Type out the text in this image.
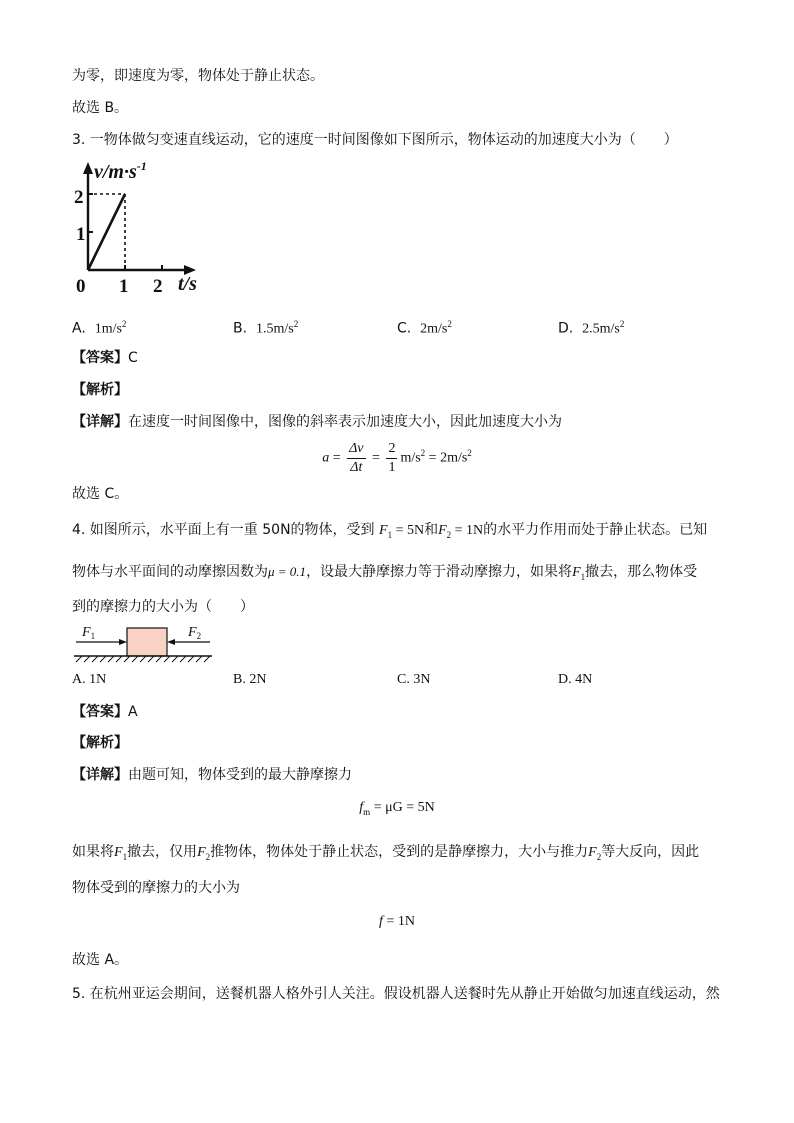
为零，即速度为零，物体处于静止状态。
故选 B。
3. 一物体做匀变速直线运动，它的速度一时间图像如下图所示，物体运动的加速度大小为（　　）
$v/m\cdot s^{-1}$
2
1
0 1 2 t/s
A. $1m/s^2$	B. $1.5m/s^2$	C. $2m/s^2$	D. $2.5m/s^2$
【答案】C
【解析】
【详解】在速度一时间图像中，图像的斜率表示加速度大小，因此加速度大小为
$a = \frac{\Delta v}{\Delta t} = \frac{2}{1} m/s^2 = 2m/s^2$
故选 C。
4. 如图所示，水平面上有一重 50N的物体，受到 $F_1 = 5N$和$F_2 = 1N$的水平力作用而处于静止状态。已知
物体与水平面间的动摩擦因数为μ = 0.1，设最大静摩擦力等于滑动摩擦力，如果将$F_1$撤去，那么物体受
到的摩擦力的大小为（　　）
$F_1$	$F_2$
A. 1N	B. 2N	C. 3N	D. 4N
【答案】A
【解析】
【详解】由题可知，物体受到的最大静摩擦力
$f_m = \mu G = 5N$
如果将$F_1$撤去，仅用$F_2$推物体，物体处于静止状态，受到的是静摩擦力，大小与推力$F_2$等大反向，因此
物体受到的摩擦力的大小为
f = 1N
故选 A。
5. 在杭州亚运会期间，送餐机器人格外引人关注。假设机器人送餐时先从静止开始做匀加速直线运动，然
